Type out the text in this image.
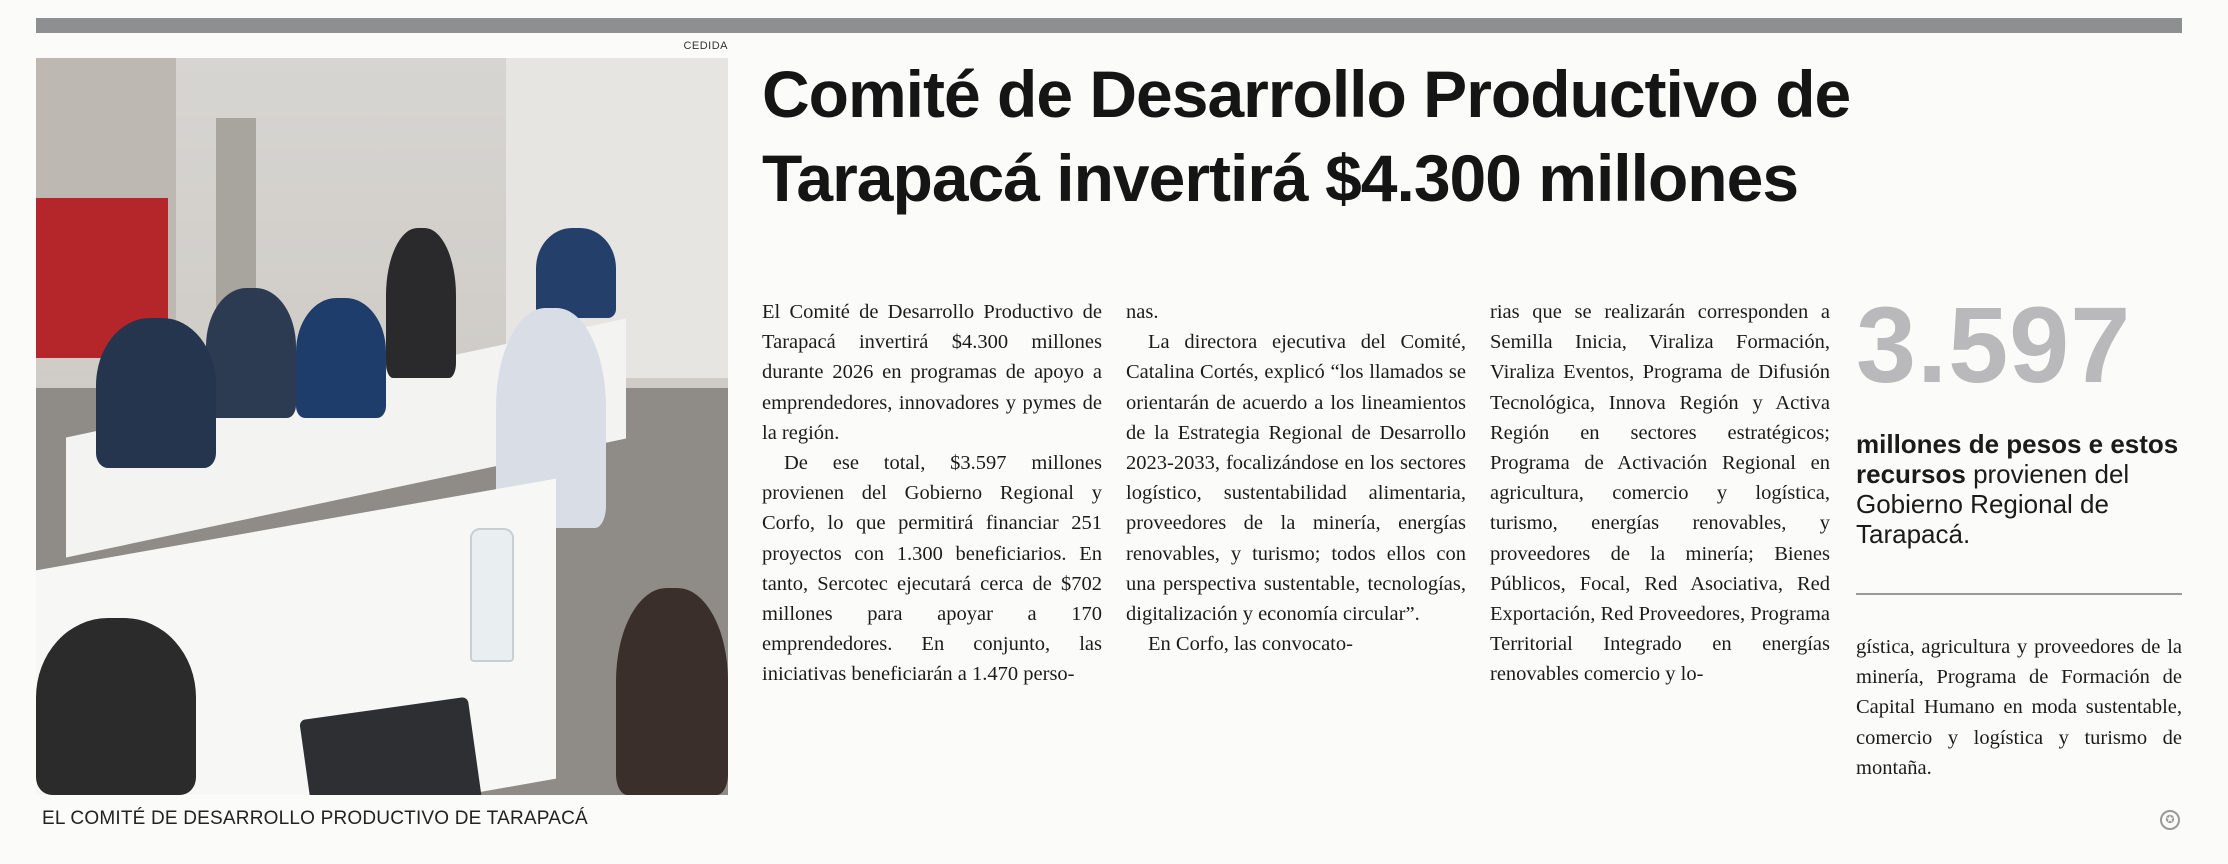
CEDIDA
EL COMITÉ DE DESARROLLO PRODUCTIVO DE TARAPACÁ
Comité de Desarrollo Productivo de
Tarapacá invertirá $4.300 millones

El Comité de Desarrollo Productivo de Tarapacá invertirá $4.300 millones durante 2026 en programas de apoyo a emprendedores, innovadores y pymes de la región.

De ese total, $3.597 millones provienen del Gobierno Regional y Corfo, lo que permitirá financiar 251 proyectos con 1.300 beneficiarios. En tanto, Sercotec ejecutará cerca de $702 millones para apoyar a 170 emprendedores. En conjunto, las iniciativas beneficiarán a 1.470 perso-

nas.

La directora ejecutiva del Comité, Catalina Cortés, explicó “los llamados se orientarán de acuerdo a los lineamientos de la Estrategia Regional de Desarrollo 2023-2033, focalizándose en los sectores logístico, sustentabilidad alimentaria, proveedores de la minería, energías renovables, y turismo; todos ellos con una perspectiva sustentable, tecnologías, digitalización y economía circular”.

En Corfo, las convocato-

rias que se realizarán corresponden a Semilla Inicia, Viraliza Formación, Viraliza Eventos, Programa de Difusión Tecnológica, Innova Región y Activa Región en sectores estratégicos; Programa de Activación Regional en agricultura, comercio y logística, turismo, energías renovables, y proveedores de la minería; Bienes Públicos, Focal, Red Asociativa, Red Exportación, Red Proveedores, Programa Territorial Integrado en energías renovables comercio y lo-

3.597

millones de pesos e estos recursos provienen del Gobierno Regional de Tarapacá.

gística, agricultura y proveedores de la minería, Programa de Formación de Capital Humano en moda sustentable, comercio y logística y turismo de montaña.

✪
